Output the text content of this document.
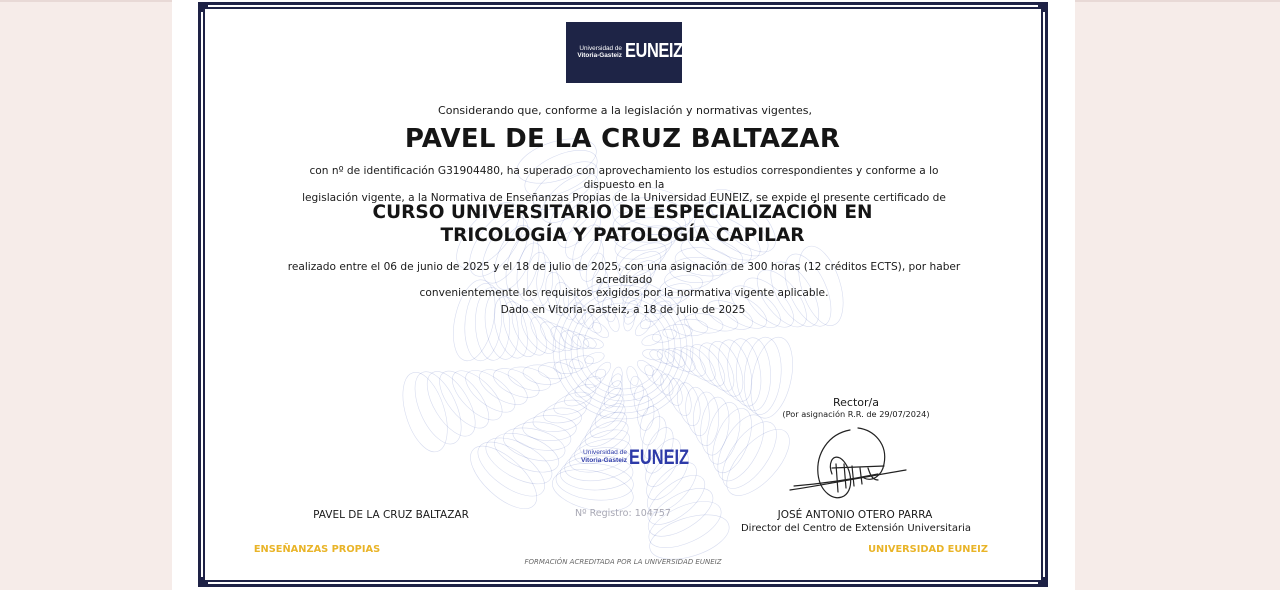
Universidad de
Vitoria-Gasteiz EUNEIZ
Considerando que, conforme a la legislación y normativas vigentes,
PAVEL DE LA CRUZ BALTAZAR
con nº de identificación G31904480, ha superado con aprovechamiento los estudios correspondientes y conforme a lo dispuesto en la
legislación vigente, a la Normativa de Enseñanzas Propias de la Universidad EUNEIZ, se expide el presente certificado de
CURSO UNIVERSITARIO DE ESPECIALIZACIÓN EN
TRICOLOGÍA Y PATOLOGÍA CAPILAR
realizado entre el 06 de junio de 2025 y el 18 de julio de 2025, con una asignación de 300 horas (12 créditos ECTS), por haber acreditado
convenientemente los requisitos exigidos por la normativa vigente aplicable.
Dado en Vitoria-Gasteiz, a 18 de julio de 2025
Rector/a
(Por asignación R.R. de 29/07/2024)
Universidad de
Vitoria-Gasteiz EUNEIZ
PAVEL DE LA CRUZ BALTAZAR	Nº Registro: 104757	JOSÉ ANTONIO OTERO PARRA
Director del Centro de Extensión Universitaria
ENSEÑANZAS PROPIAS	UNIVERSIDAD EUNEIZ
FORMACIÓN ACREDITADA POR LA UNIVERSIDAD EUNEIZ
